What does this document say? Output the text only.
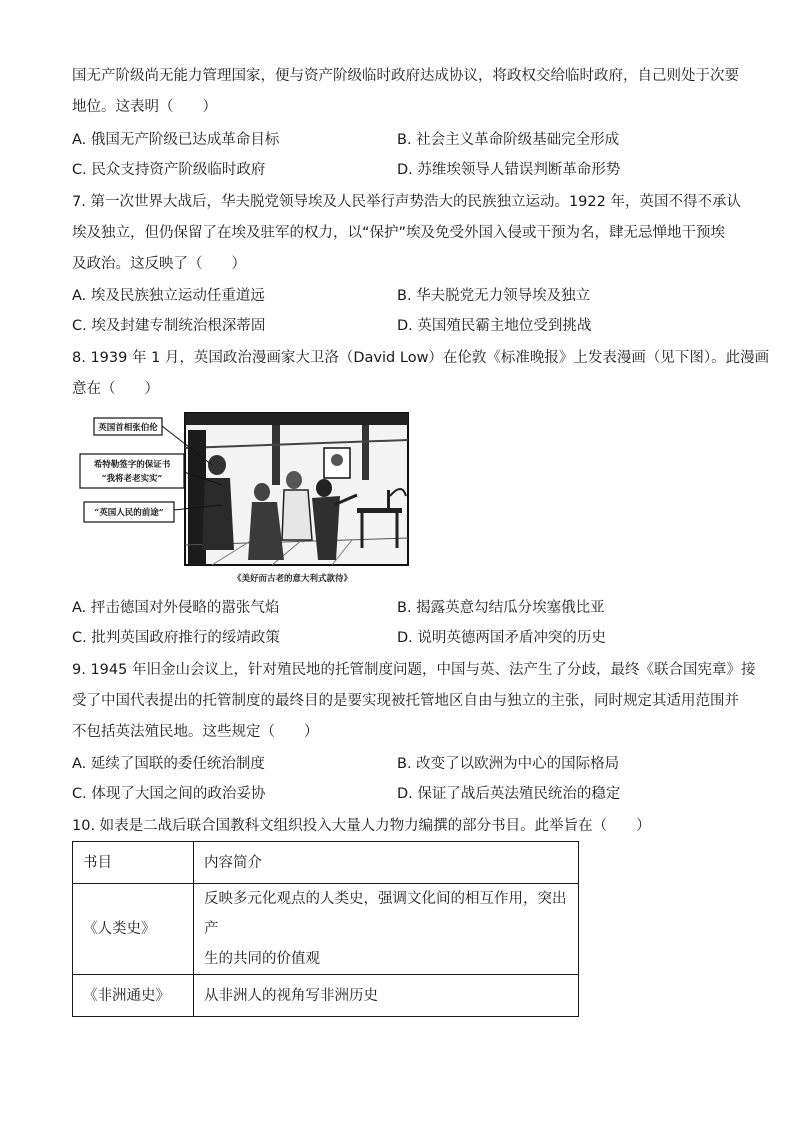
国无产阶级尚无能力管理国家，便与资产阶级临时政府达成协议，将政权交给临时政府，自己则处于次要
地位。这表明（　　）
A. 俄国无产阶级已达成革命目标	B. 社会主义革命阶级基础完全形成
C. 民众支持资产阶级临时政府	D. 苏维埃领导人错误判断革命形势
7. 第一次世界大战后，华夫脱党领导埃及人民举行声势浩大的民族独立运动。1922 年，英国不得不承认
埃及独立，但仍保留了在埃及驻军的权力，以“保护”埃及免受外国入侵或干预为名，肆无忌惮地干预埃
及政治。这反映了（　　）
A. 埃及民族独立运动任重道远	B. 华夫脱党无力领导埃及独立
C. 埃及封建专制统治根深蒂固	D. 英国殖民霸主地位受到挑战
8. 1939 年 1 月，英国政治漫画家大卫洛（David Low）在伦敦《标准晚报》上发表漫画（见下图）。此漫画
意在（　　）
英国首相张伯伦
希特勒签字的保证书
“我将老老实实”
“英国人民的前途”
《美好而古老的意大利式款待》
A. 抨击德国对外侵略的嚣张气焰	B. 揭露英意勾结瓜分埃塞俄比亚
C. 批判英国政府推行的绥靖政策	D. 说明英德两国矛盾冲突的历史
9. 1945 年旧金山会议上，针对殖民地的托管制度问题，中国与英、法产生了分歧，最终《联合国宪章》接
受了中国代表提出的托管制度的最终目的是要实现被托管地区自由与独立的主张，同时规定其适用范围并
不包括英法殖民地。这些规定（　　）
A. 延续了国联的委任统治制度	B. 改变了以欧洲为中心的国际格局
C. 体现了大国之间的政治妥协	D. 保证了战后英法殖民统治的稳定
10. 如表是二战后联合国教科文组织投入大量人力物力编撰的部分书目。此举旨在（　　）
书目	内容简介
《人类史》	反映多元化观点的人类史，强调文化间的相互作用，突出产
生的共同的价值观

《非洲通史》	从非洲人的视角写非洲历史
